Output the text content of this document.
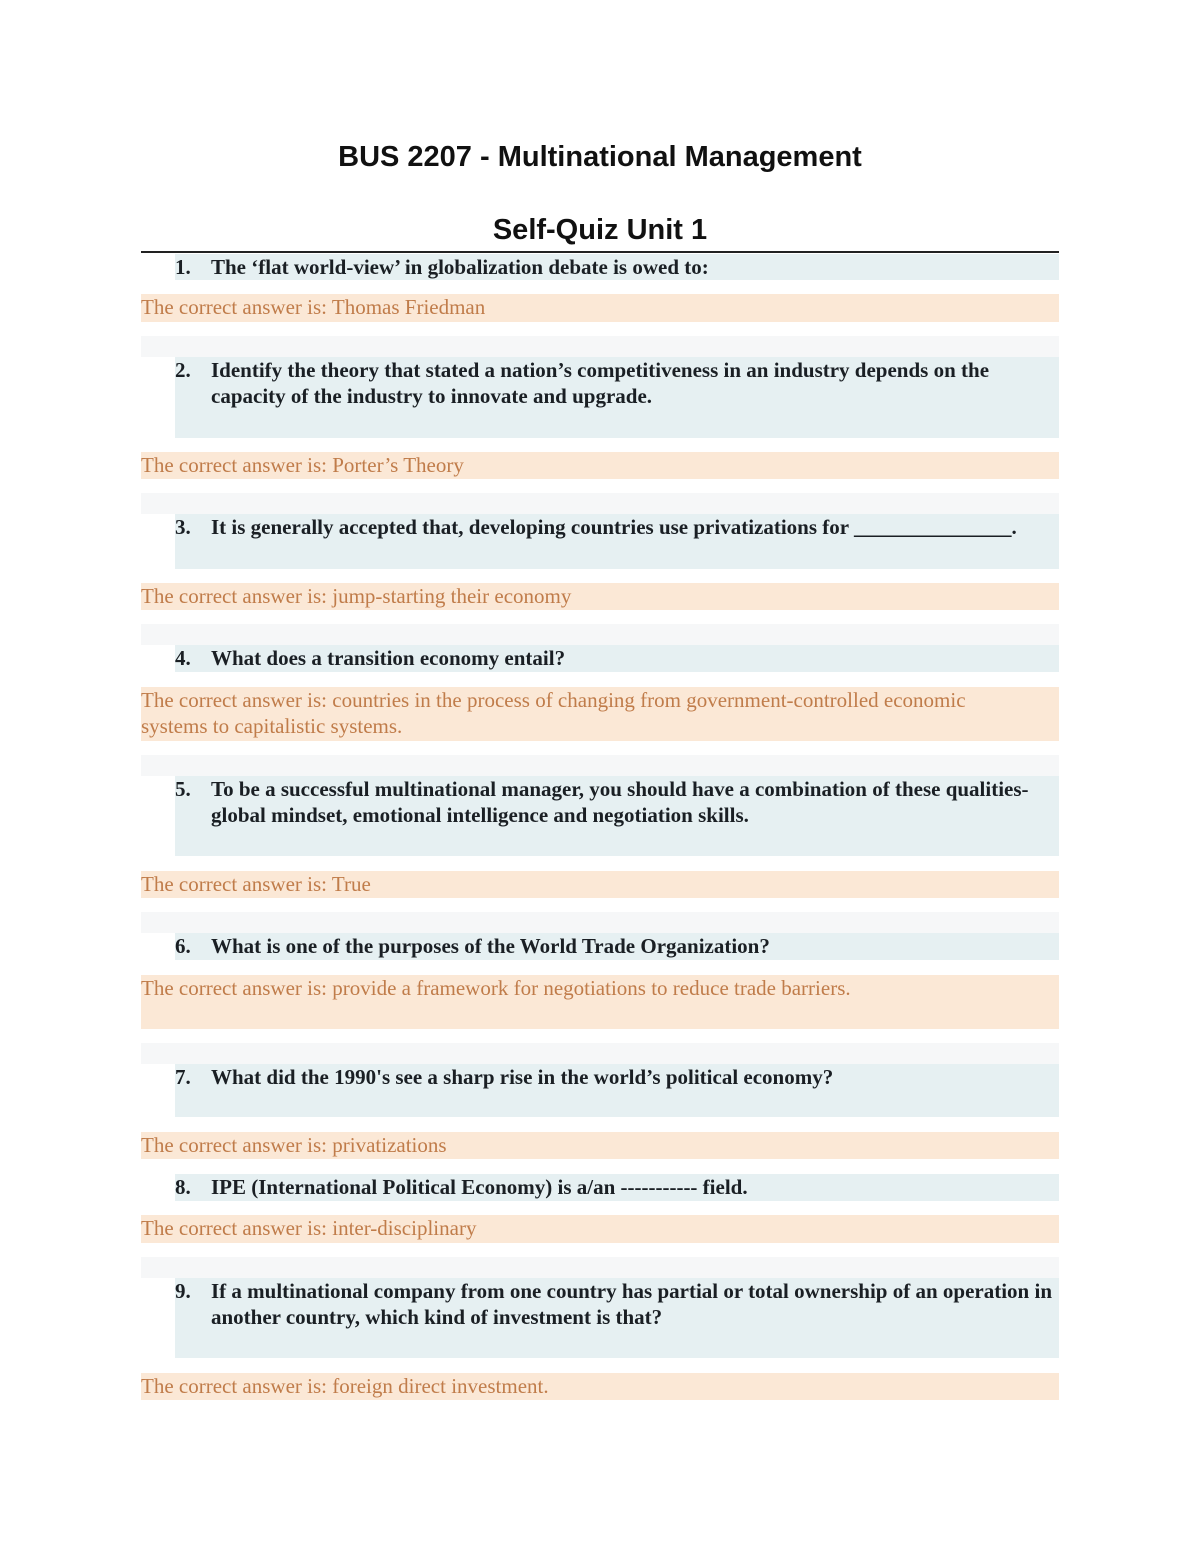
BUS 2207 - Multinational Management
Self-Quiz Unit 1
1. The ‘flat world-view’ in globalization debate is owed to:
The correct answer is: Thomas Friedman
2. Identify the theory that stated a nation’s competitiveness in an industry depends on the capacity of the industry to innovate and upgrade.
The correct answer is: Porter’s Theory
3. It is generally accepted that, developing countries use privatizations for _______________.
The correct answer is: jump-starting their economy
4. What does a transition economy entail?
The correct answer is: countries in the process of changing from government-controlled economic systems to capitalistic systems.
5. To be a successful multinational manager, you should have a combination of these qualities- global mindset, emotional intelligence and negotiation skills.
The correct answer is: True
6. What is one of the purposes of the World Trade Organization?
The correct answer is: provide a framework for negotiations to reduce trade barriers.
7. What did the 1990's see a sharp rise in the world’s political economy?
The correct answer is: privatizations
8. IPE (International Political Economy) is a/an ----------- field.
The correct answer is: inter-disciplinary
9. If a multinational company from one country has partial or total ownership of an operation in another country, which kind of investment is that?
The correct answer is: foreign direct investment.
